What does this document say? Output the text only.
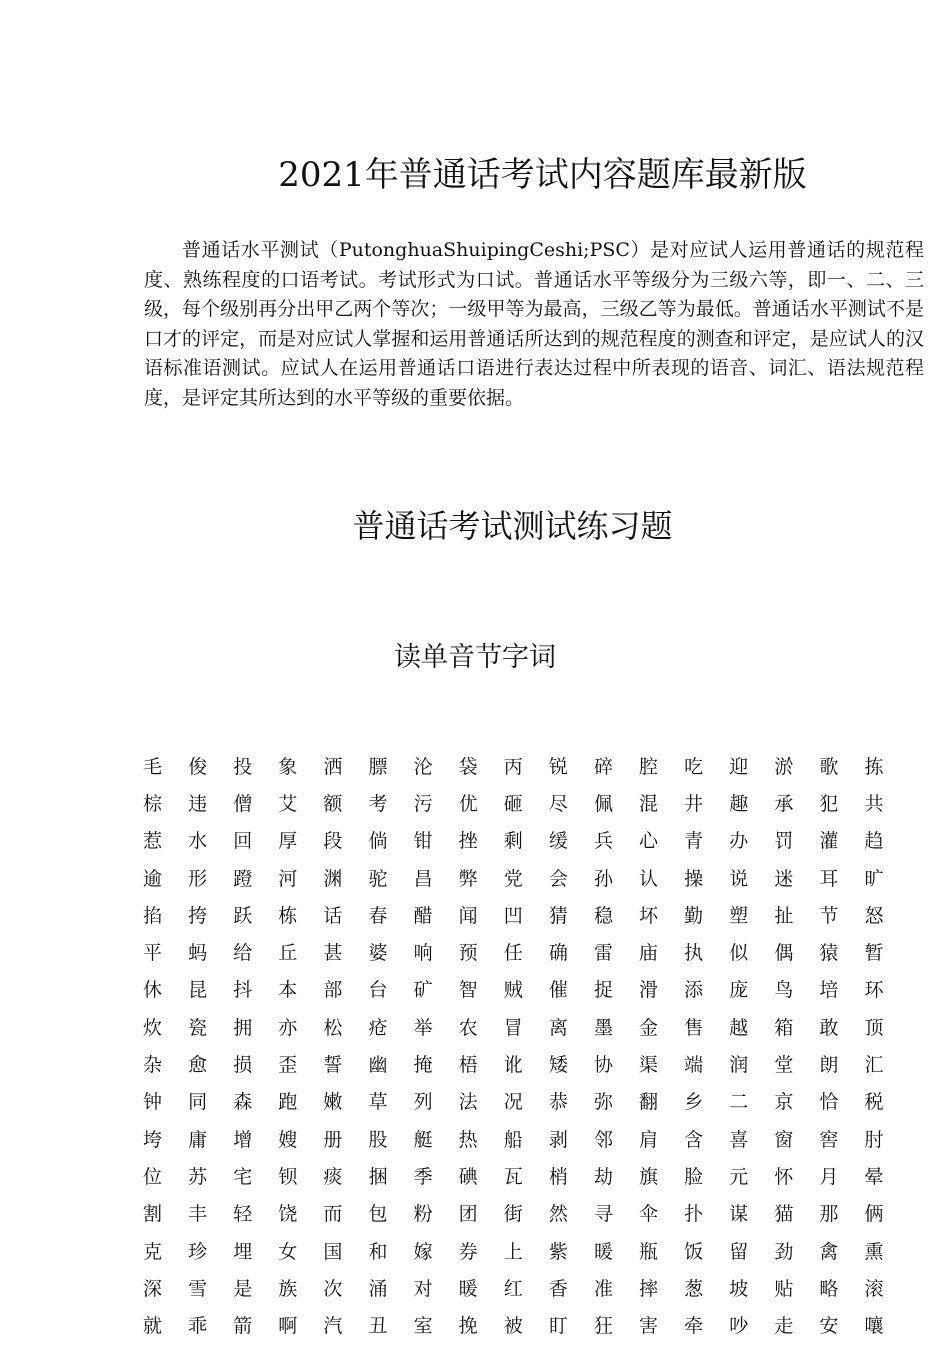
2021年普通话考试内容题库最新版

普通话水平测试（PutonghuaShuipingCeshi;PSC）是对应试人运用普通话的规范程度、熟练程度的口语考试。考试形式为口试。普通话水平等级分为三级六等，即一、二、三级，每个级别再分出甲乙两个等次；一级甲等为最高，三级乙等为最低。普通话水平测试不是口才的评定，而是对应试人掌握和运用普通话所达到的规范程度的测查和评定，是应试人的汉语标准语测试。应试人在运用普通话口语进行表达过程中所表现的语音、词汇、语法规范程度，是评定其所达到的水平等级的重要依据。

普通话考试测试练习题
读单音节字词
毛	俊	投	象	洒	膘	沦	袋	丙	锐	碎	腔	吃	迎	淤	歌	拣
棕	违	僧	艾	额	考	污	优	砸	尽	佩	混	井	趣	承	犯	共
惹	水	回	厚	段	倘	钳	挫	剩	缓	兵	心	青	办	罚	灌	趋
逾	形	蹬	河	渊	驼	昌	弊	党	会	孙	认	操	说	迷	耳	旷
掐	挎	跃	栋	话	春	醋	闻	凹	猜	稳	坏	勤	塑	扯	节	怒
平	蚂	给	丘	甚	婆	响	预	任	确	雷	庙	执	似	偶	猿	暂
休	昆	抖	本	部	台	矿	智	贼	催	捉	滑	添	庞	鸟	培	环
炊	瓷	拥	亦	松	疮	举	农	冒	离	墨	金	售	越	箱	敢	顶
杂	愈	损	歪	誓	幽	掩	梧	讹	矮	协	渠	端	润	堂	朗	汇
钟	同	森	跑	嫩	草	列	法	况	恭	弥	翻	乡	二	京	恰	税
垮	庸	增	嫂	册	股	艇	热	船	剥	邻	肩	含	喜	窗	窖	肘
位	苏	宅	钡	痰	捆	季	碘	瓦	梢	劫	旗	脸	元	怀	月	晕
割	丰	轻	饶	而	包	粉	团	街	然	寻	伞	扑	谋	猫	那	俩
克	珍	埋	女	国	和	嫁	券	上	紫	暖	瓶	饭	留	劲	禽	熏
深	雪	是	族	次	涌	对	暖	红	香	准	摔	葱	坡	贴	略	滚
就	乖	箭	啊	汽	丑	室	挽	被	盯	狂	害	牵	吵	走	安	嚷
